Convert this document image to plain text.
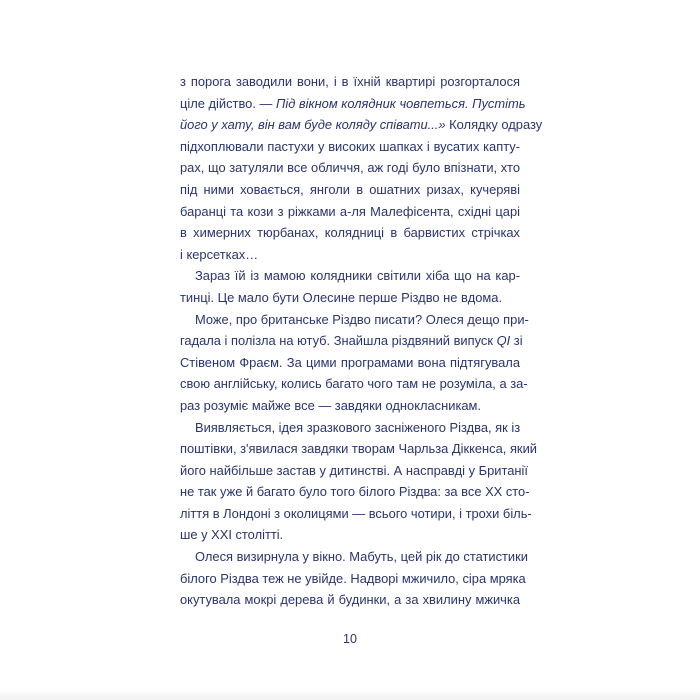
з порога заводили вони, і в їхній квартирі розгорталося
ціле дійство. — Під вікном колядник човпеться. Пустіть
його у хату, він вам буде коляду співати...» Колядку одразу
підхоплювали пастухи у високих шапках і вусатих капту-
рах, що затуляли все обличчя, аж годі було впізнати, хто
під ними ховається, янголи в ошатних ризах, кучеряві
баранці та кози з ріжками а-ля Малефісента, східні царі
в химерних тюрбанах, колядниці в барвистих стрічках
і керсетках…
Зараз їй із мамою колядники світили хіба що на кар-
тинці. Це мало бути Олесине перше Різдво не вдома.
Може, про британське Різдво писати? Олеся дещо при-
гадала і полізла на ютуб. Знайшла різдвяний випуск QI зі
Стівеном Фраєм. За цими програмами вона підтягувала
свою англійську, колись багато чого там не розуміла, а за-
раз розуміє майже все — завдяки однокласникам.
Виявляється, ідея зразкового засніженого Різдва, як із
поштівки, з'явилася завдяки творам Чарльза Діккенса, який
його найбільше застав у дитинстві. А насправді у Британії
не так уже й багато було того білого Різдва: за все XX сто-
ліття в Лондоні з околицями — всього чотири, і трохи біль-
ше у XXI столітті.
Олеся визирнула у вікно. Мабуть, цей рік до статистики
білого Різдва теж не увійде. Надворі мжичило, сіра мряка
окутувала мокрі дерева й будинки, а за хвилину мжичка
10
